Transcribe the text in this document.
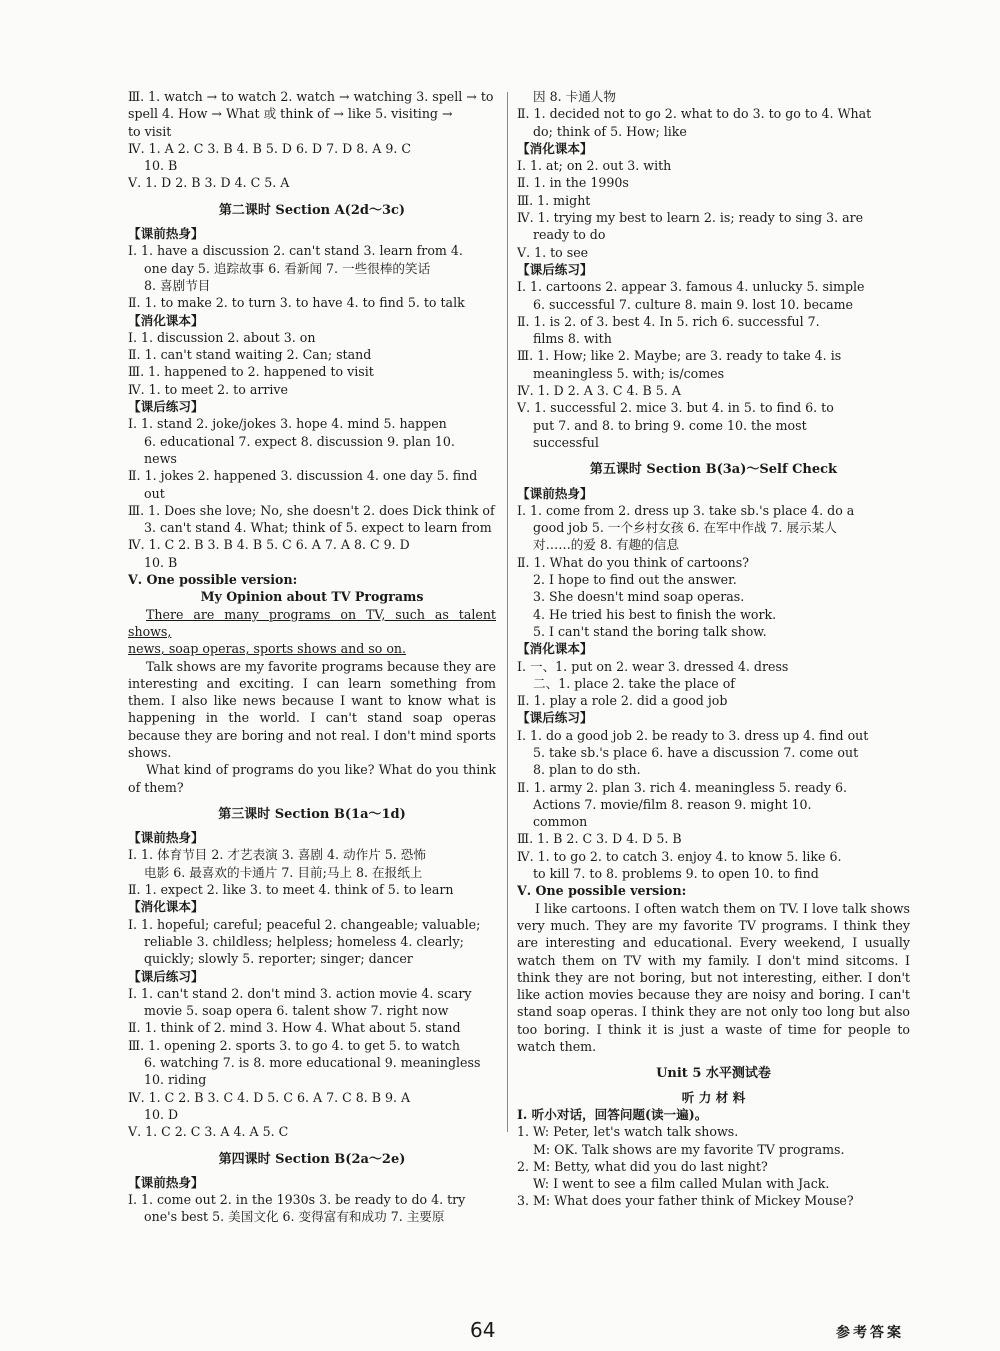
Ⅲ. 1. watch → to watch 2. watch → watching 3. spell → to
spell 4. How → What 或 think of → like 5. visiting →
to visit
Ⅳ. 1. A 2. C 3. B 4. B 5. D 6. D 7. D 8. A 9. C
10. B
Ⅴ. 1. D 2. B 3. D 4. C 5. A
第二课时 Section A(2d～3c)
【课前热身】
Ⅰ. 1. have a discussion 2. can't stand 3. learn from 4.
one day 5. 追踪故事 6. 看新闻 7. 一些很棒的笑话
8. 喜剧节目
Ⅱ. 1. to make 2. to turn 3. to have 4. to find 5. to talk
【消化课本】
Ⅰ. 1. discussion 2. about 3. on
Ⅱ. 1. can't stand waiting 2. Can; stand
Ⅲ. 1. happened to 2. happened to visit
Ⅳ. 1. to meet 2. to arrive
【课后练习】
Ⅰ. 1. stand 2. joke/jokes 3. hope 4. mind 5. happen
6. educational 7. expect 8. discussion 9. plan 10.
news
Ⅱ. 1. jokes 2. happened 3. discussion 4. one day 5. find
out
Ⅲ. 1. Does she love; No, she doesn't 2. does Dick think of
3. can't stand 4. What; think of 5. expect to learn from
Ⅳ. 1. C 2. B 3. B 4. B 5. C 6. A 7. A 8. C 9. D
10. B
Ⅴ. One possible version:
My Opinion about TV Programs
There are many programs on TV, such as talent shows,
news, soap operas, sports shows and so on.
Talk shows are my favorite programs because they are interesting and exciting. I can learn something from them. I also like news because I want to know what is happening in the world. I can't stand soap operas because they are boring and not real. I don't mind sports shows.
What kind of programs do you like? What do you think of them?
第三课时 Section B(1a～1d)
【课前热身】
Ⅰ. 1. 体育节目 2. 才艺表演 3. 喜剧 4. 动作片 5. 恐怖
电影 6. 最喜欢的卡通片 7. 目前;马上 8. 在报纸上
Ⅱ. 1. expect 2. like 3. to meet 4. think of 5. to learn
【消化课本】
Ⅰ. 1. hopeful; careful; peaceful 2. changeable; valuable;
reliable 3. childless; helpless; homeless 4. clearly;
quickly; slowly 5. reporter; singer; dancer
【课后练习】
Ⅰ. 1. can't stand 2. don't mind 3. action movie 4. scary
movie 5. soap opera 6. talent show 7. right now
Ⅱ. 1. think of 2. mind 3. How 4. What about 5. stand
Ⅲ. 1. opening 2. sports 3. to go 4. to get 5. to watch
6. watching 7. is 8. more educational 9. meaningless
10. riding
Ⅳ. 1. C 2. B 3. C 4. D 5. C 6. A 7. C 8. B 9. A
10. D
Ⅴ. 1. C 2. C 3. A 4. A 5. C
第四课时 Section B(2a～2e)
【课前热身】
Ⅰ. 1. come out 2. in the 1930s 3. be ready to do 4. try
one's best 5. 美国文化 6. 变得富有和成功 7. 主要原
因 8. 卡通人物
Ⅱ. 1. decided not to go 2. what to do 3. to go to 4. What
do; think of 5. How; like
【消化课本】
Ⅰ. 1. at; on 2. out 3. with
Ⅱ. 1. in the 1990s
Ⅲ. 1. might
Ⅳ. 1. trying my best to learn 2. is; ready to sing 3. are
ready to do
Ⅴ. 1. to see
【课后练习】
Ⅰ. 1. cartoons 2. appear 3. famous 4. unlucky 5. simple
6. successful 7. culture 8. main 9. lost 10. became
Ⅱ. 1. is 2. of 3. best 4. In 5. rich 6. successful 7.
films 8. with
Ⅲ. 1. How; like 2. Maybe; are 3. ready to take 4. is
meaningless 5. with; is/comes
Ⅳ. 1. D 2. A 3. C 4. B 5. A
Ⅴ. 1. successful 2. mice 3. but 4. in 5. to find 6. to
put 7. and 8. to bring 9. come 10. the most
successful
第五课时 Section B(3a)～Self Check
【课前热身】
Ⅰ. 1. come from 2. dress up 3. take sb.'s place 4. do a
good job 5. 一个乡村女孩 6. 在军中作战 7. 展示某人
对……的爱 8. 有趣的信息
Ⅱ. 1. What do you think of cartoons?
2. I hope to find out the answer.
3. She doesn't mind soap operas.
4. He tried his best to finish the work.
5. I can't stand the boring talk show.
【消化课本】
Ⅰ. 一、1. put on 2. wear 3. dressed 4. dress
二、1. place 2. take the place of
Ⅱ. 1. play a role 2. did a good job
【课后练习】
Ⅰ. 1. do a good job 2. be ready to 3. dress up 4. find out
5. take sb.'s place 6. have a discussion 7. come out
8. plan to do sth.
Ⅱ. 1. army 2. plan 3. rich 4. meaningless 5. ready 6.
Actions 7. movie/film 8. reason 9. might 10.
common
Ⅲ. 1. B 2. C 3. D 4. D 5. B
Ⅳ. 1. to go 2. to catch 3. enjoy 4. to know 5. like 6.
to kill 7. to 8. problems 9. to open 10. to find
Ⅴ. One possible version:
I like cartoons. I often watch them on TV. I love talk shows very much. They are my favorite TV programs. I think they are interesting and educational. Every weekend, I usually watch them on TV with my family. I don't mind sitcoms. I think they are not boring, but not interesting, either. I don't like action movies because they are noisy and boring. I can't stand soap operas. I think they are not only too long but also too boring. I think it is just a waste of time for people to watch them.
Unit 5 水平测试卷
听 力 材 料
Ⅰ. 听小对话，回答问题(读一遍)。
1. W: Peter, let's watch talk shows.
M: OK. Talk shows are my favorite TV programs.
2. M: Betty, what did you do last night?
W: I went to see a film called Mulan with Jack.
3. M: What does your father think of Mickey Mouse?
64	参考答案
